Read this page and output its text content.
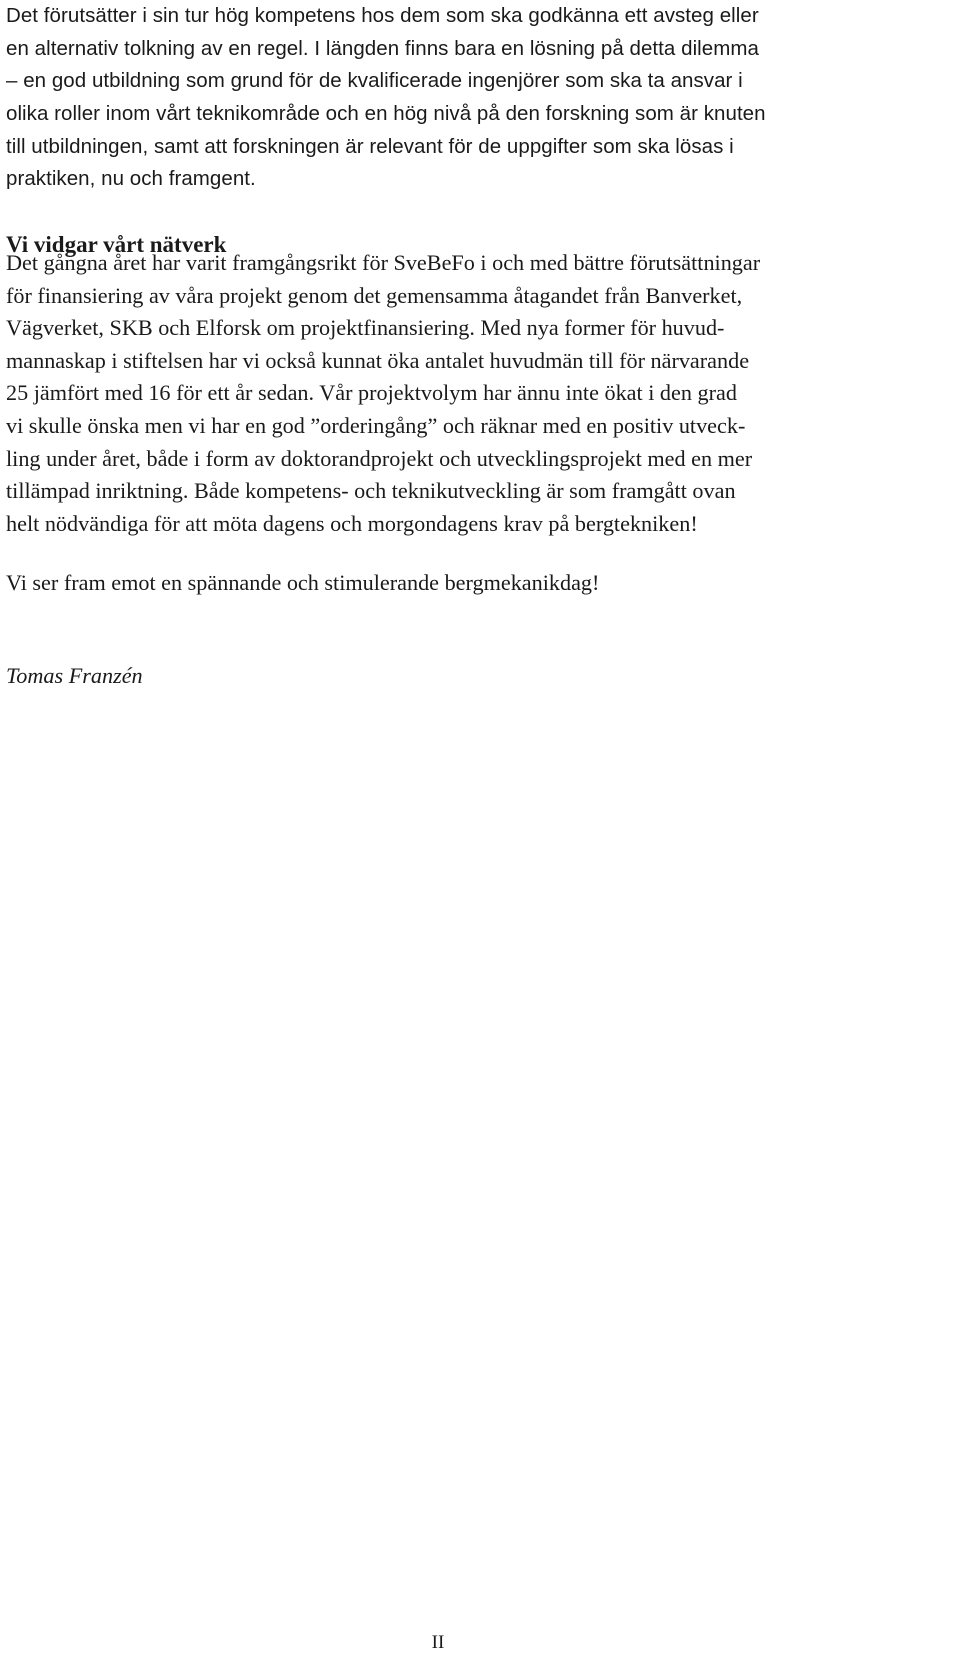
Det förutsätter i sin tur hög kompetens hos dem som ska godkänna ett avsteg eller
en alternativ tolkning av en regel. I längden finns bara en lösning på detta dilemma
– en god utbildning som grund för de kvalificerade ingenjörer som ska ta ansvar i
olika roller inom vårt teknikområde och en hög nivå på den forskning som är knuten
till utbildningen, samt att forskningen är relevant för de uppgifter som ska lösas i
praktiken, nu och framgent.
Vi vidgar vårt nätverk
Det gångna året har varit framgångsrikt för SveBeFo i och med bättre förutsättningar
för finansiering av våra projekt genom det gemensamma åtagandet från Banverket,
Vägverket, SKB och Elforsk om projektfinansiering. Med nya former för huvud-
mannaskap i stiftelsen har vi också kunnat öka antalet huvudmän till för närvarande
25 jämfört med 16 för ett år sedan. Vår projektvolym har ännu inte ökat i den grad
vi skulle önska men vi har en god ”orderingång” och räknar med en positiv utveck-
ling under året, både i form av doktorandprojekt och utvecklingsprojekt med en mer
tillämpad inriktning. Både kompetens- och teknikutveckling är som framgått ovan
helt nödvändiga för att möta dagens och morgondagens krav på bergtekniken!

Vi ser fram emot en spännande och stimulerande bergmekanikdag!

Tomas Franzén

II
